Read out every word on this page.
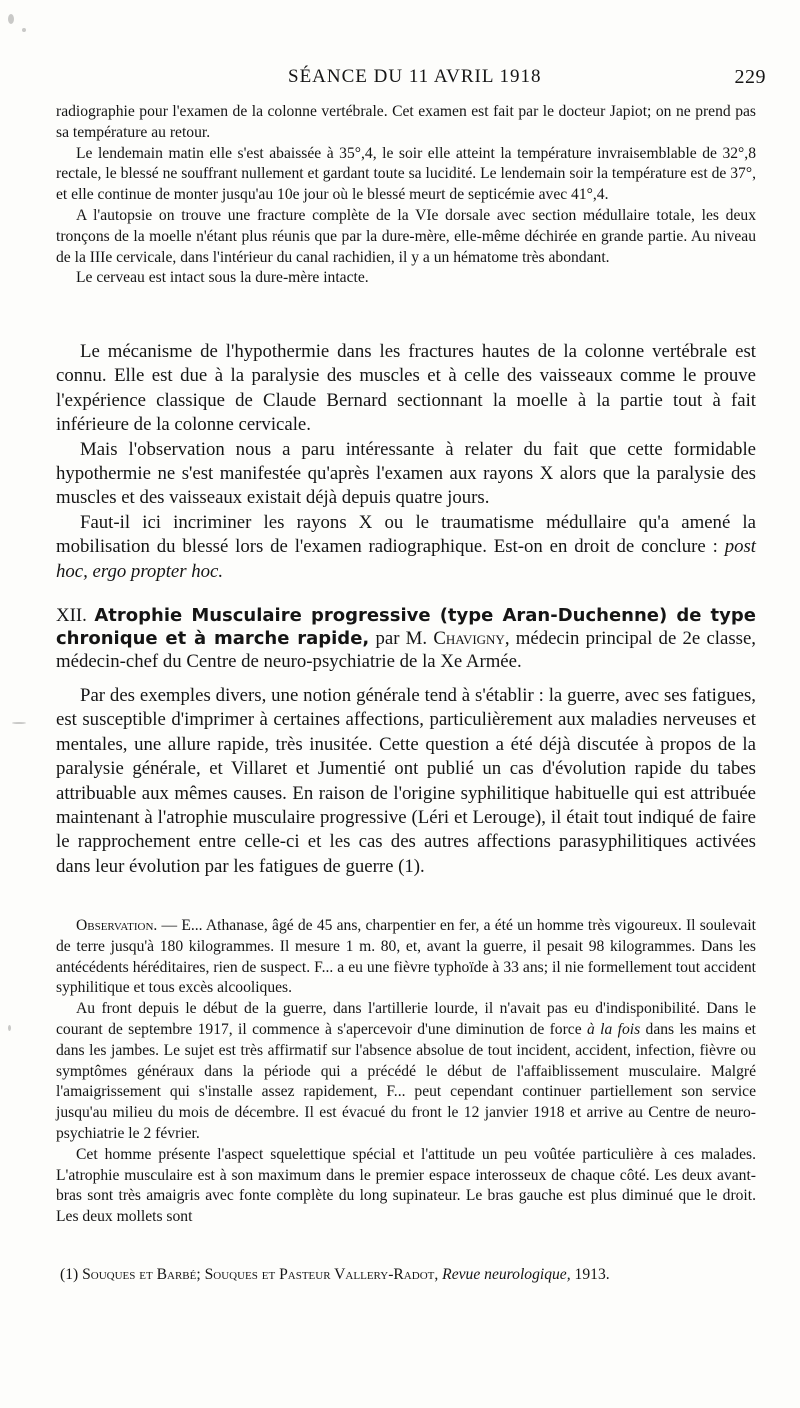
SÉANCE DU 11 AVRIL 1918	229

radiographie pour l'examen de la colonne vertébrale. Cet examen est fait par le docteur Japiot; on ne prend pas sa température au retour.

Le lendemain matin elle s'est abaissée à 35°,4, le soir elle atteint la température invraisemblable de 32°,8 rectale, le blessé ne souffrant nullement et gardant toute sa lucidité. Le lendemain soir la température est de 37°, et elle continue de monter jusqu'au 10e jour où le blessé meurt de septicémie avec 41°,4.

A l'autopsie on trouve une fracture complète de la VIe dorsale avec section médullaire totale, les deux tronçons de la moelle n'étant plus réunis que par la dure-mère, elle-même déchirée en grande partie. Au niveau de la IIIe cervicale, dans l'intérieur du canal rachidien, il y a un hématome très abondant.

Le cerveau est intact sous la dure-mère intacte.

Le mécanisme de l'hypothermie dans les fractures hautes de la colonne vertébrale est connu. Elle est due à la paralysie des muscles et à celle des vaisseaux comme le prouve l'expérience classique de Claude Bernard sectionnant la moelle à la partie tout à fait inférieure de la colonne cervicale.

Mais l'observation nous a paru intéressante à relater du fait que cette formidable hypothermie ne s'est manifestée qu'après l'examen aux rayons X alors que la paralysie des muscles et des vaisseaux existait déjà depuis quatre jours.

Faut-il ici incriminer les rayons X ou le traumatisme médullaire qu'a amené la mobilisation du blessé lors de l'examen radiographique. Est-on en droit de conclure : post hoc, ergo propter hoc.

XII. Atrophie Musculaire progressive (type Aran-Duchenne) de type chronique et à marche rapide, par M. Chavigny, médecin principal de 2e classe, médecin-chef du Centre de neuro-psychiatrie de la Xe Armée.

Par des exemples divers, une notion générale tend à s'établir : la guerre, avec ses fatigues, est susceptible d'imprimer à certaines affections, particulièrement aux maladies nerveuses et mentales, une allure rapide, très inusitée. Cette question a été déjà discutée à propos de la paralysie générale, et Villaret et Jumentié ont publié un cas d'évolution rapide du tabes attribuable aux mêmes causes. En raison de l'origine syphilitique habituelle qui est attribuée maintenant à l'atrophie musculaire progressive (Léri et Lerouge), il était tout indiqué de faire le rapprochement entre celle-ci et les cas des autres affections parasyphilitiques activées dans leur évolution par les fatigues de guerre (1).

Observation. — E... Athanase, âgé de 45 ans, charpentier en fer, a été un homme très vigoureux. Il soulevait de terre jusqu'à 180 kilogrammes. Il mesure 1 m. 80, et, avant la guerre, il pesait 98 kilogrammes. Dans les antécédents héréditaires, rien de suspect. F... a eu une fièvre typhoïde à 33 ans; il nie formellement tout accident syphilitique et tous excès alcooliques.

Au front depuis le début de la guerre, dans l'artillerie lourde, il n'avait pas eu d'indisponibilité. Dans le courant de septembre 1917, il commence à s'apercevoir d'une diminution de force à la fois dans les mains et dans les jambes. Le sujet est très affirmatif sur l'absence absolue de tout incident, accident, infection, fièvre ou symptômes généraux dans la période qui a précédé le début de l'affaiblissement musculaire. Malgré l'amaigrissement qui s'installe assez rapidement, F... peut cependant continuer partiellement son service jusqu'au milieu du mois de décembre. Il est évacué du front le 12 janvier 1918 et arrive au Centre de neuro-psychiatrie le 2 février.

Cet homme présente l'aspect squelettique spécial et l'attitude un peu voûtée particulière à ces malades. L'atrophie musculaire est à son maximum dans le premier espace interosseux de chaque côté. Les deux avant-bras sont très amaigris avec fonte complète du long supinateur. Le bras gauche est plus diminué que le droit. Les deux mollets sont

(1) Souques et Barbé; Souques et Pasteur Vallery-Radot, Revue neurologique, 1913.
